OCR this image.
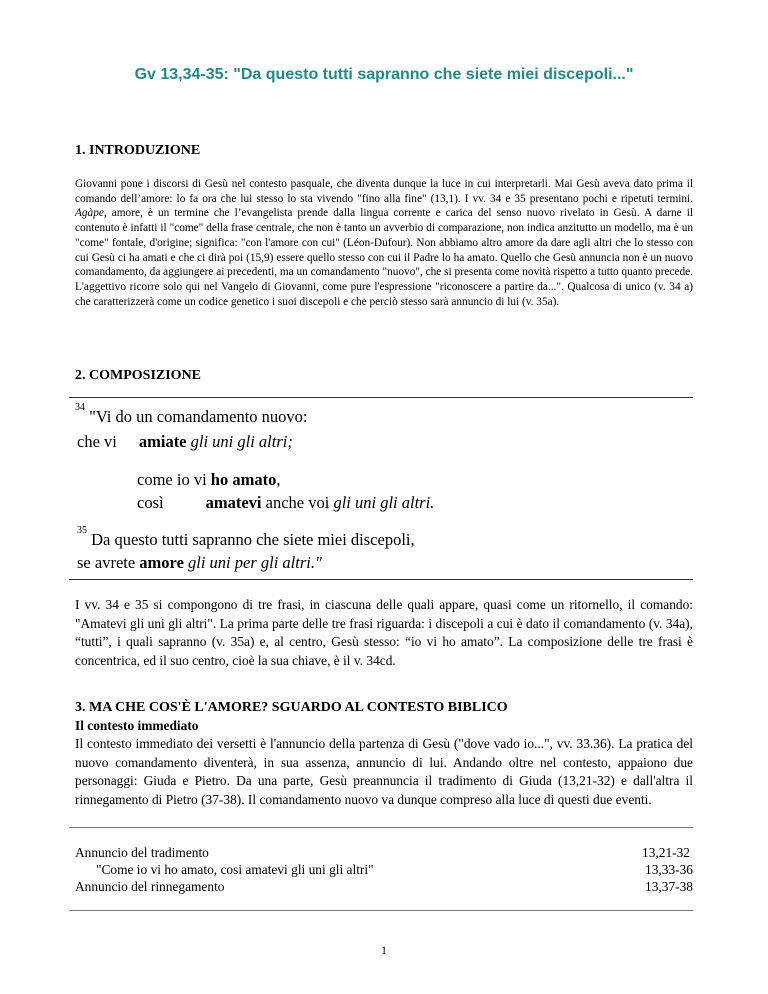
Gv 13,34-35: "Da questo tutti sapranno che siete miei discepoli..."
1. INTRODUZIONE

Giovanni pone i discorsi di Gesù nel contesto pasquale, che diventa dunque la luce in cui interpretarli. Mai Gesù aveva dato prima il comando dell’amore: lo fa ora che lui stesso lo sta vivendo "fino alla fine" (13,1). I vv. 34 e 35 presentano pochi e ripetuti termini. Agàpe, amore, è un termine che l’evangelista prende dalla lingua corrente e carica del senso nuovo rivelato in Gesù. A darne il contenuto è infatti il "come" della frase centrale, che non è tanto un avverbio di comparazione, non indica anzitutto un modello, ma è un "come" fontale, d'origine; significa: "con l'amore con cui" (Léon-Dufour). Non abbiamo altro amore da dare agli altri che lo stesso con cui Gesù ci ha amati e che ci dirà poi (15,9) essere quello stesso con cui il Padre lo ha amato. Quello che Gesù annuncia non è un nuovo comandamento, da aggiungere ai precedenti, ma un comandamento "nuovo", che si presenta come novità rispetto a tutto quanto precede. L'aggettivo ricorre solo qui nel Vangelo di Giovanni, come pure l'espressione "riconoscere a partire da...". Qualcosa di unico (v. 34 a) che caratterizzerà come un codice genetico i suoi discepoli e che perciò stesso sarà annuncio di lui (v. 35a).

2. COMPOSIZIONE

$^{34}$ "Vi do un comandamento nuovo:

che vi amiate gli uni gli altri;

come io vi ho amato,

così	amatevi anche voi gli uni gli altri.

$^{35}$ Da questo tutti sapranno che siete miei discepoli,

se avrete amore gli uni per gli altri."

I vv. 34 e 35 si compongono di tre frasi, in ciascuna delle quali appare, quasi come un ritornello, il comando: "Amatevi gli uni gli altri". La prima parte delle tre frasi riguarda: i discepoli a cui è dato il comandamento (v. 34a), “tutti”, i quali sapranno (v. 35a) e, al centro, Gesù stesso: “io vi ho amato”. La composizione delle tre frasi è concentrica, ed il suo centro, cioè la sua chiave, è il v. 34cd.

3. MA CHE COS'È L'AMORE? SGUARDO AL CONTESTO BIBLICO
Il contesto immediato

Il contesto immediato dei versetti è l'annuncio della partenza di Gesù ("dove vado io...", vv. 33.36). La pratica del nuovo comandamento diventerà, in sua assenza, annuncio di lui. Andando oltre nel contesto, appaiono due personaggi: Giuda e Pietro. Da una parte, Gesù preannuncia il tradimento di Giuda (13,21-32) e dall'altra il rinnegamento di Pietro (37-38). Il comandamento nuovo va dunque compreso alla luce di questi due eventi.

Annuncio del tradimento	13,21-32
"Come io vi ho amato, cosi amatevi gli uni gli altri"	13,33-36
Annuncio del rinnegamento	13,37-38
1
